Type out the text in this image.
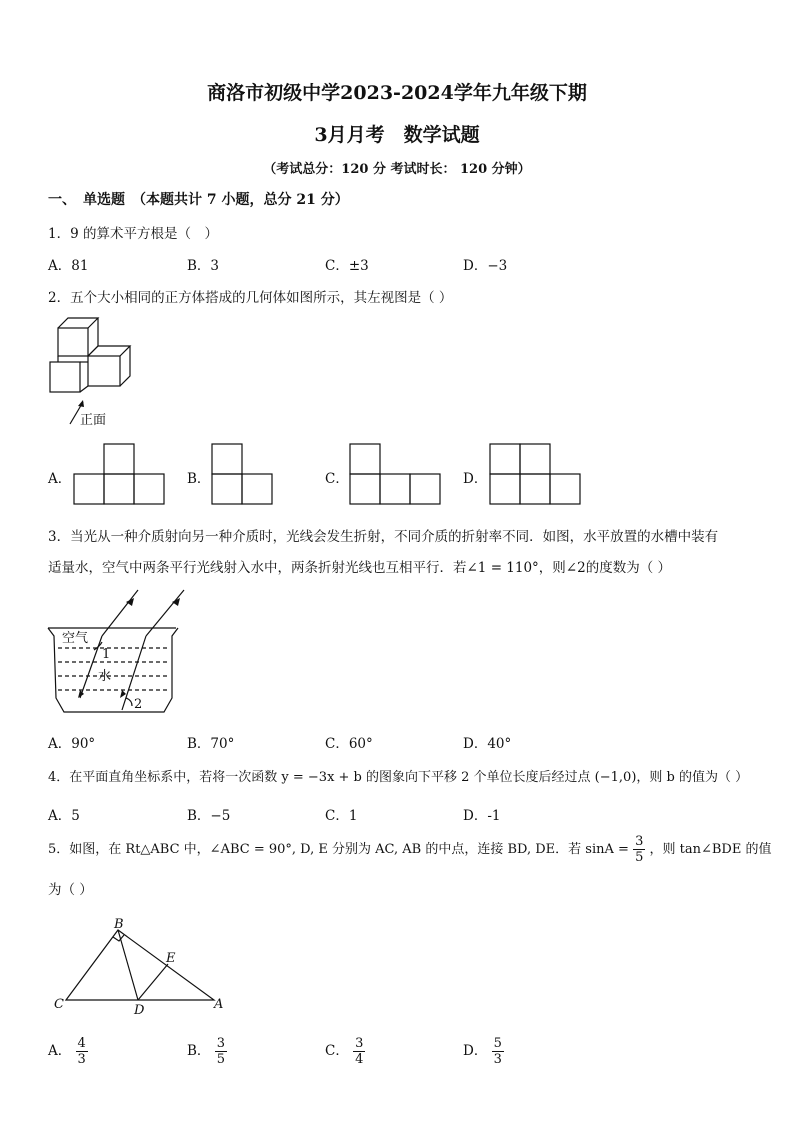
商洛市初级中学2023-2024学年九年级下期
3月月考　数学试题
（考试总分：120 分 考试时长： 120 分钟）
一、　单选题　（本题共计 7 小题，总分 21 分）
1．9 的算术平方根是（　）
A．81	B．3	C．±3	D．−3
2．五个大小相同的正方体搭成的几何体如图所示，其左视图是（ ）
正面
A．	B．	C．	D．
3．当光从一种介质射向另一种介质时，光线会发生折射，不同介质的折射率不同．如图，水平放置的水槽中装有
适量水，空气中两条平行光线射入水中，两条折射光线也互相平行．若∠1 = 110°，则∠2的度数为（ ）
空气
水
1
2
A．90°	B．70°	C．60°	D．40°
4．在平面直角坐标系中，若将一次函数 y = −3x + b 的图象向下平移 2 个单位长度后经过点 (−1,0)，则 b 的值为（ ）
A．5	B．−5	C．1	D．-1
5．如图，在 Rt△ABC 中，∠ABC = 90°, D, E 分别为 AC, AB 的中点，连接 BD, DE．若 $\sin A = \frac{3}{5}$ ，则 tan∠BDE 的值
为（ ）
B
E
C	D	A
A． $\frac{4}{3}$	B． $\frac{3}{5}$	C． $\frac{3}{4}$	D． $\frac{5}{3}$
